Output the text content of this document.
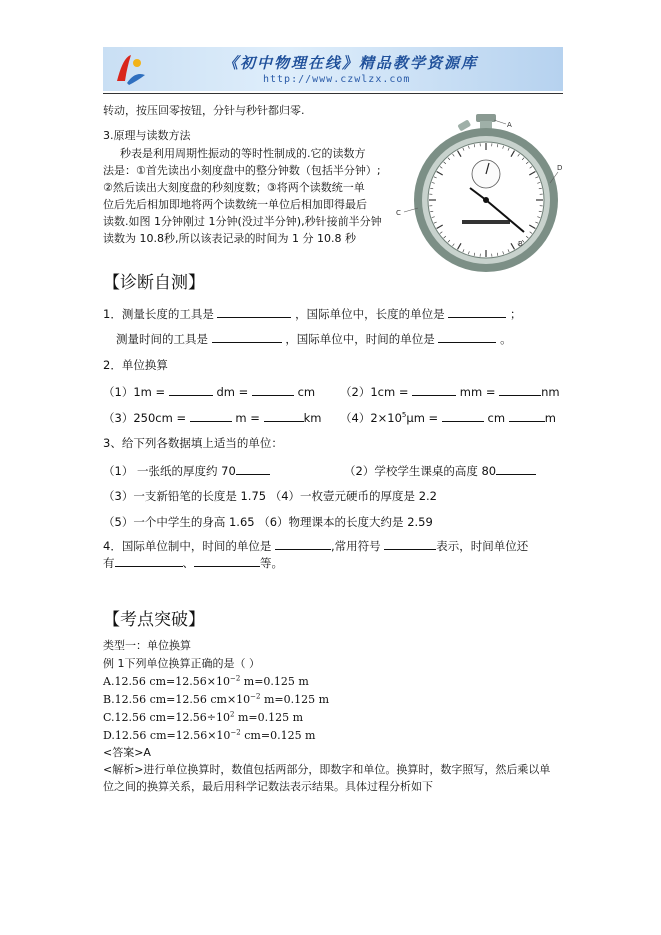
《初中物理在线》精品教学资源库
http://www.czwlzx.com
转动，按压回零按钮，分针与秒针都归零.
3.原理与读数方法
秒表是利用周期性振动的等时性制成的.它的读数方
法是：①首先读出小刻度盘中的整分钟数（包括半分钟）;
②然后读出大刻度盘的秒刻度数；③将两个读数统一单
位后先后相加即地将两个读数统一单位后相加即得最后
读数.如图 1分钟刚过 1分钟(没过半分钟),秒针接前半分钟
读数为 10.8秒,所以该表记录的时间为 1 分 10.8 秒
A
D
C
B
【诊断自测】
1．测量长度的工具是	，国际单位中，长度的单位是	；
测量时间的工具是	，国际单位中，时间的单位是	。
2．单位换算
（1）1m =	dm =	cm （2）1cm =	mm =	nm
（3）250cm =	m =	km $(4)2\times 10^5\mu m$ =	cm	m
3、给下列各数据填上适当的单位：
（1） 一张纸的厚度约 70	（2）学校学生课桌的高度 80
（3）一支新铅笔的长度是 1.75 （4）一枚壹元硬币的厚度是 2.2
（5）一个中学生的身高 1.65 （6）物理课本的长度大约是 2.59
4．国际单位制中，时间的单位是	,常用符号	表示，时间单位还
有	、	等。
【考点突破】
类型一：单位换算
例 1下列单位换算正确的是（ ）
A.12.56 $cm=12.56\times 10^{-2}$ m=0.125 m
B.12.56 cm=12.56 $cm\times 10^{-2}$ m=0.125 m
C.12.56 $cm=12.56\div 10^2$ m=0.125 m
D.12.56 $cm=12.56\times 10^{-2}$ cm=0.125 m
<答案>A
<解析>进行单位换算时，数值包括两部分，即数字和单位。换算时，数字照写，然后乘以单
位之间的换算关系，最后用科学记数法表示结果。具体过程分析如下
